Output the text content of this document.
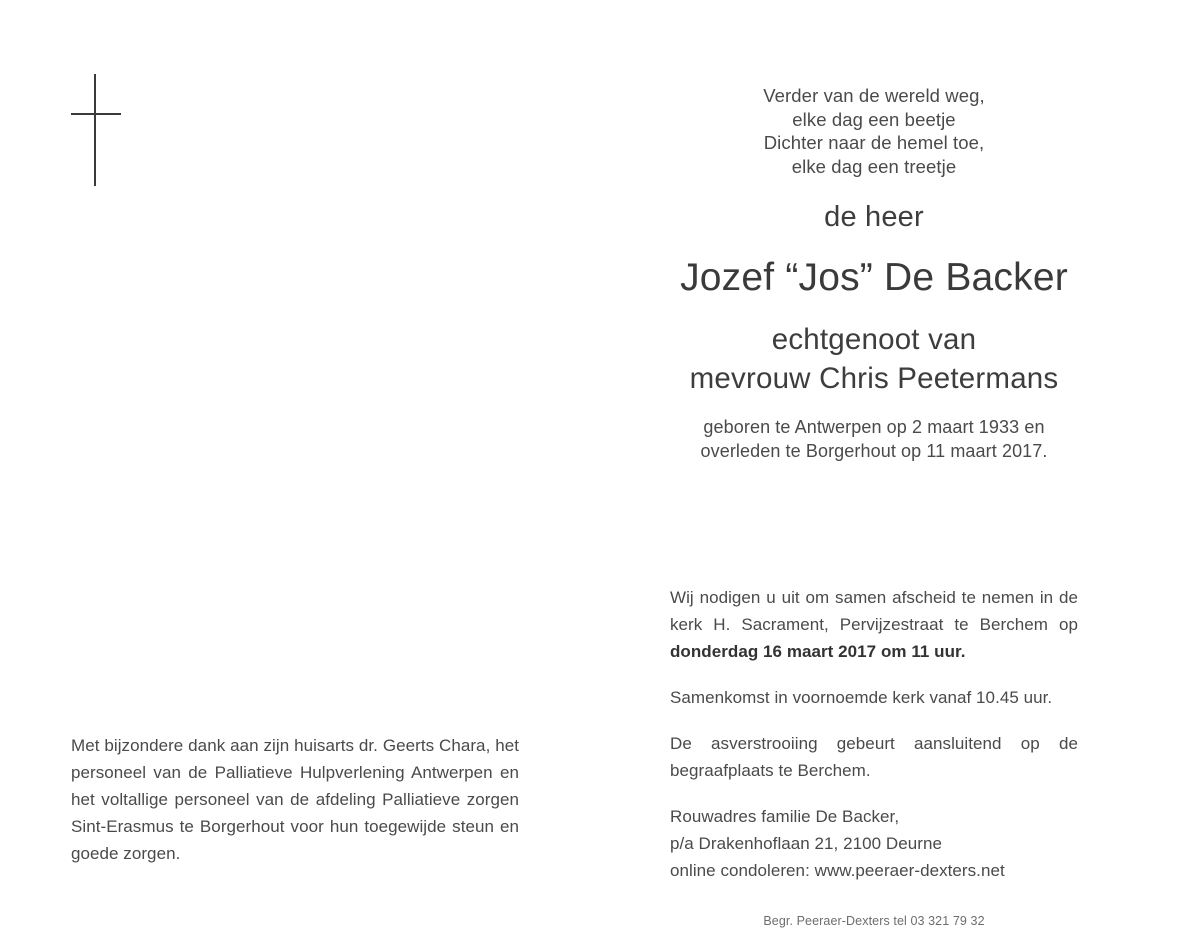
Verder van de wereld weg,
elke dag een beetje
Dichter naar de hemel toe,
elke dag een treetje
de heer
Jozef “Jos” De Backer
echtgenoot van
mevrouw Chris Peetermans
geboren te Antwerpen op 2 maart 1933 en
overleden te Borgerhout op 11 maart 2017.

Wij nodigen u uit om samen afscheid te nemen in de kerk H. Sacrament, Pervijzestraat te Berchem op donderdag 16 maart 2017 om 11 uur.

Samenkomst in voornoemde kerk vanaf 10.45 uur.

De asverstrooiing gebeurt aansluitend op de begraafplaats te Berchem.

Rouwadres familie De Backer,
p/a Drakenhoflaan 21, 2100 Deurne
online condoleren: www.peeraer-dexters.net

Begr. Peeraer-Dexters tel 03 321 79 32

Met bijzondere dank aan zijn huisarts dr. Geerts Chara, het personeel van de Palliatieve Hulpverlening Antwerpen en het voltallige personeel van de afdeling Palliatieve zorgen Sint-Erasmus te Borgerhout voor hun toegewijde steun en goede zorgen.
